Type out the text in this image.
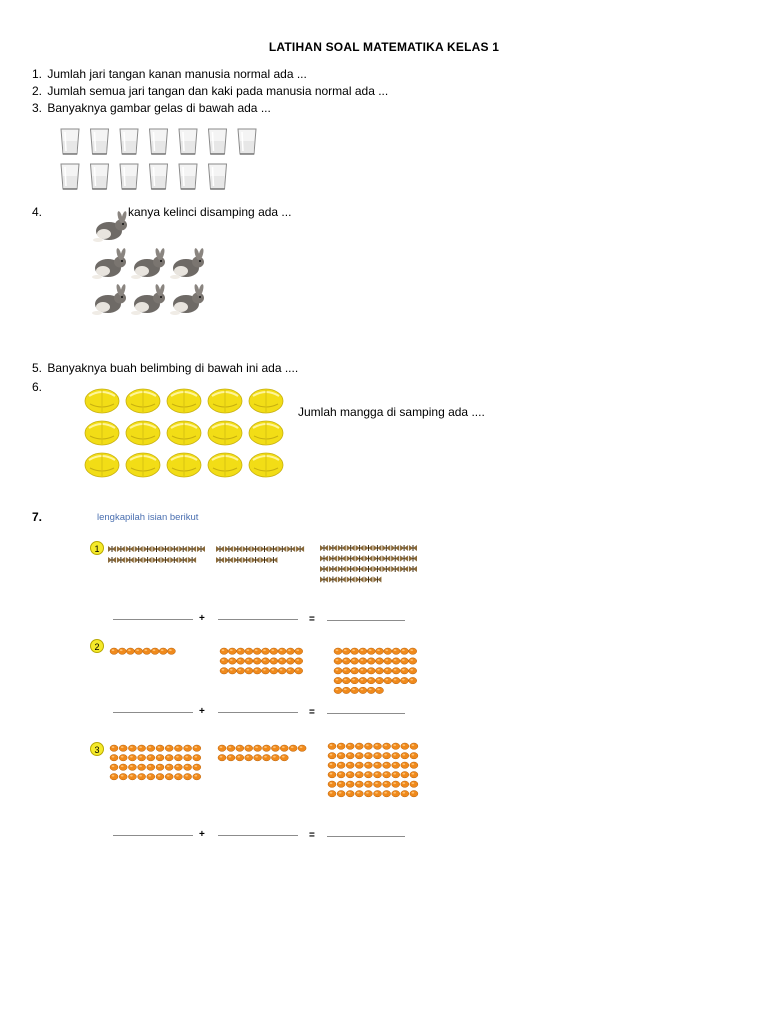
LATIHAN SOAL MATEMATIKA KELAS 1
1. Jumlah jari tangan kanan manusia normal ada ...
2. Jumlah semua jari tangan dan kaki pada manusia normal ada ...
3. Banyaknya gambar gelas di bawah ada ...
4.	kanya kelinci disamping ada ...
5. Banyaknya buah belimbing di bawah ini ada ....
6.
Jumlah mangga di samping ada ....
7.	lengkapilah isian berikut
1
2
3
+	=
+	=
+	=
